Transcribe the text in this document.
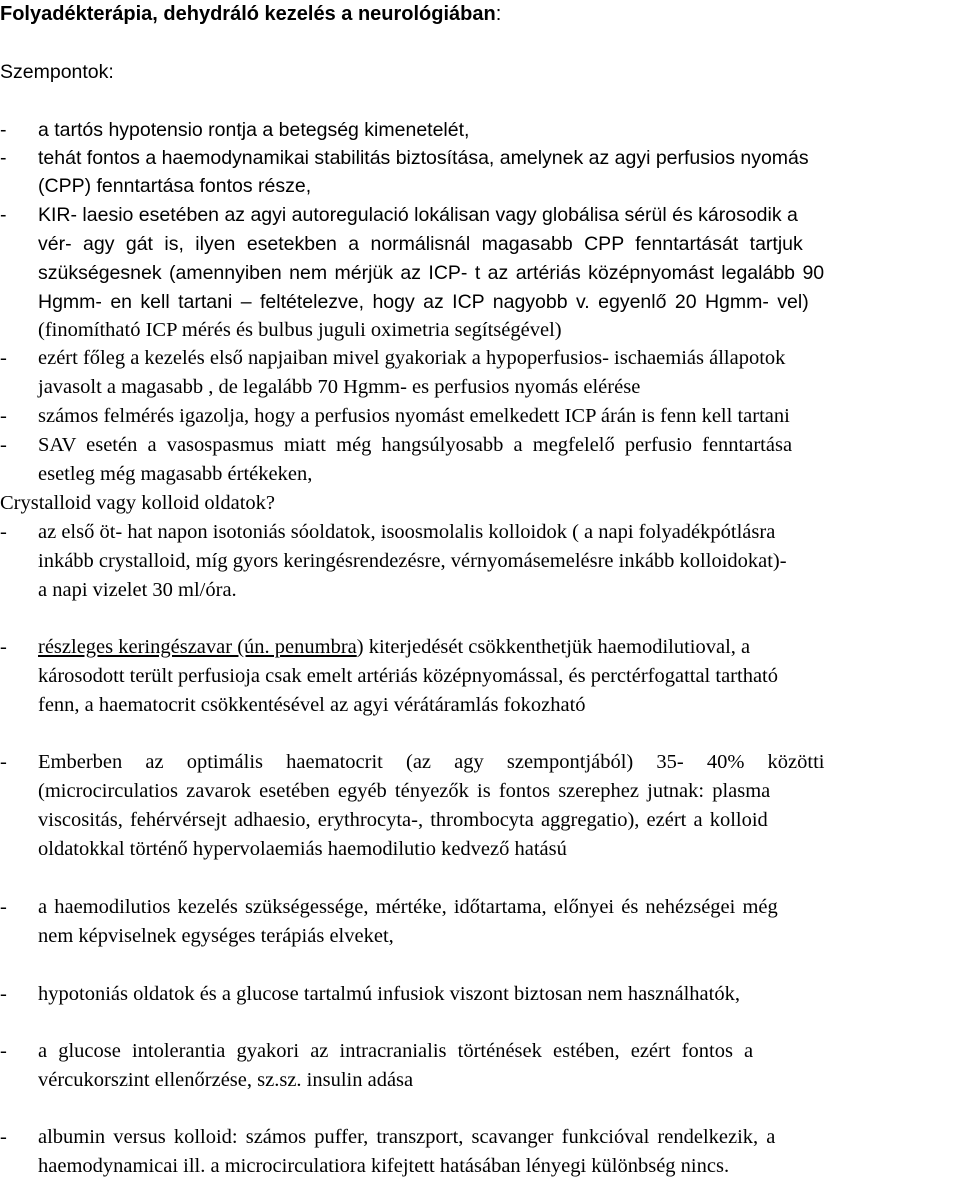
Folyadékterápia, dehydráló kezelés a neurológiában:
Szempontok:
- a tartós hypotensio rontja a betegség kimenetelét,
- tehát fontos a haemodynamikai stabilitás biztosítása, amelynek az agyi perfusios nyomás
(CPP) fenntartása fontos része,
- KIR- laesio esetében az agyi autoregulació lokálisan vagy globálisa sérül és károsodik a
vér- agy gát is, ilyen esetekben a normálisnál magasabb CPP fenntartását tartjuk
szükségesnek (amennyiben nem mérjük az ICP- t az artériás középnyomást legalább 90
Hgmm- en kell tartani – feltételezve, hogy az ICP nagyobb v. egyenlő 20 Hgmm- vel)
(finomítható ICP mérés és bulbus juguli oximetria segítségével)
- ezért főleg a kezelés első napjaiban mivel gyakoriak a hypoperfusios- ischaemiás állapotok
javasolt a magasabb , de legalább 70 Hgmm- es perfusios nyomás elérése
- számos felmérés igazolja, hogy a perfusios nyomást emelkedett ICP árán is fenn kell tartani
- SAV esetén a vasospasmus miatt még hangsúlyosabb a megfelelő perfusio fenntartása
esetleg még magasabb értékeken,
Crystalloid vagy kolloid oldatok?
- az első öt- hat napon isotoniás sóoldatok, isoosmolalis kolloidok ( a napi folyadékpótlásra
inkább crystalloid, míg gyors keringésrendezésre, vérnyomásemelésre inkább kolloidokat)-
a napi vizelet 30 ml/óra.
- részleges keringészavar (ún. penumbra) kiterjedését csökkenthetjük haemodilutioval, a
károsodott terült perfusioja csak emelt artériás középnyomással, és perctérfogattal tartható
fenn, a haematocrit csökkentésével az agyi vérátáramlás fokozható
- Emberben az optimális haematocrit (az agy szempontjából) 35- 40% közötti
(microcirculatios zavarok esetében egyéb tényezők is fontos szerephez jutnak: plasma
viscositás, fehérvérsejt adhaesio, erythrocyta-, thrombocyta aggregatio), ezért a kolloid
oldatokkal történő hypervolaemiás haemodilutio kedvező hatású
- a haemodilutios kezelés szükségessége, mértéke, időtartama, előnyei és nehézségei még
nem képviselnek egységes terápiás elveket,
- hypotoniás oldatok és a glucose tartalmú infusiok viszont biztosan nem használhatók,
- a glucose intolerantia gyakori az intracranialis történések estében, ezért fontos a
vércukorszint ellenőrzése, sz.sz. insulin adása
- albumin versus kolloid: számos puffer, transzport, scavanger funkcióval rendelkezik, a
haemodynamicai ill. a microcirculatiora kifejtett hatásában lényegi különbség nincs.
